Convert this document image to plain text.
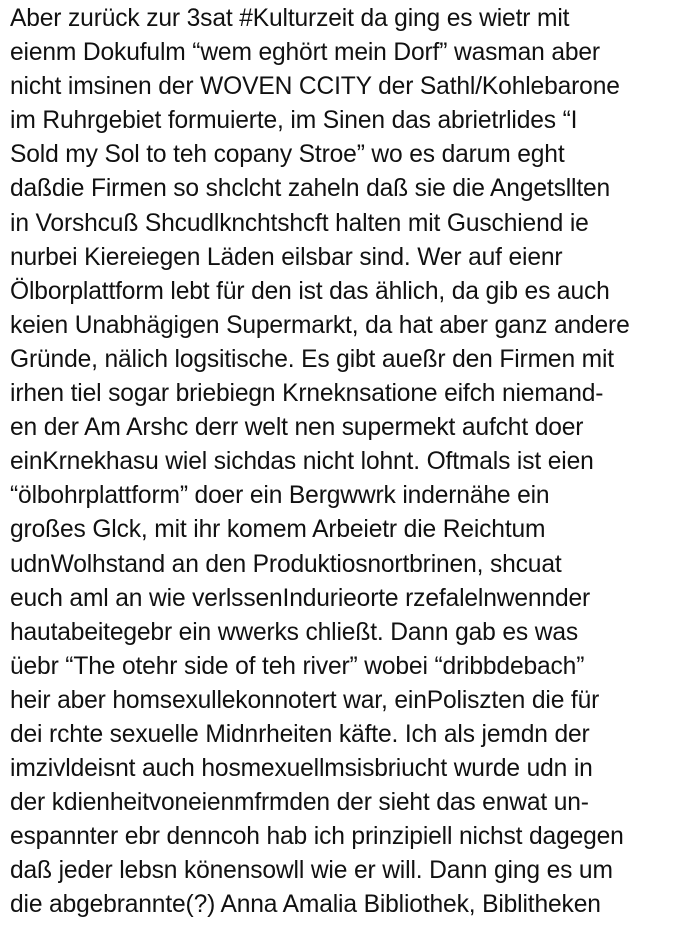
Aber zurück zur 3sat #Kulturzeit da ging es wietr mit
eienm Dokufulm “wem eghört mein Dorf” wasman aber
nicht imsinen der WOVEN CCITY der Sathl/Kohlebarone
im Ruhrgebiet formuierte, im Sinen das abrietrlides “I
Sold my Sol to teh copany Stroe” wo es darum eght
daßdie Firmen so shclcht zaheln daß sie die Angetsllten
in Vorshcuß Shcudlknchtshcft halten mit Guschiend ie
nurbei Kiereiegen Läden eilsbar sind. Wer auf eienr
Ölborplattform lebt für den ist das ählich, da gib es auch
keien Unabhägigen Supermarkt, da hat aber ganz andere
Gründe, nälich logsitische. Es gibt aueßr den Firmen mit
irhen tiel sogar briebiegn Krneknsatione eifch niemand-
en der Am Arshc derr welt nen supermekt aufcht doer
einKrnekhasu wiel sichdas nicht lohnt. Oftmals ist eien
“ölbohrplattform” doer ein Bergwwrk indernähe ein
großes Glck, mit ihr komem Arbeietr die Reichtum
udnWolhstand an den Produktiosnortbrinen, shcuat
euch aml an wie verlssenIndurieorte rzefalelnwennder
hautabeitegebr ein wwerks chließt. Dann gab es was
üebr “The otehr side of teh river” wobei “dribbdebach”
heir aber homsexullekonnotert war, einPoliszten die für
dei rchte sexuelle Midnrheiten käfte. Ich als jemdn der
imzivldeisnt auch hosmexuellmsisbriucht wurde udn in
der kdienheitvoneienmfrmden der sieht das enwat un-
espannter ebr denncoh hab ich prinzipiell nichst dagegen
daß jeder lebsn könensowll wie er will. Dann ging es um
die abgebrannte(?) Anna Amalia Bibliothek, Biblitheken
